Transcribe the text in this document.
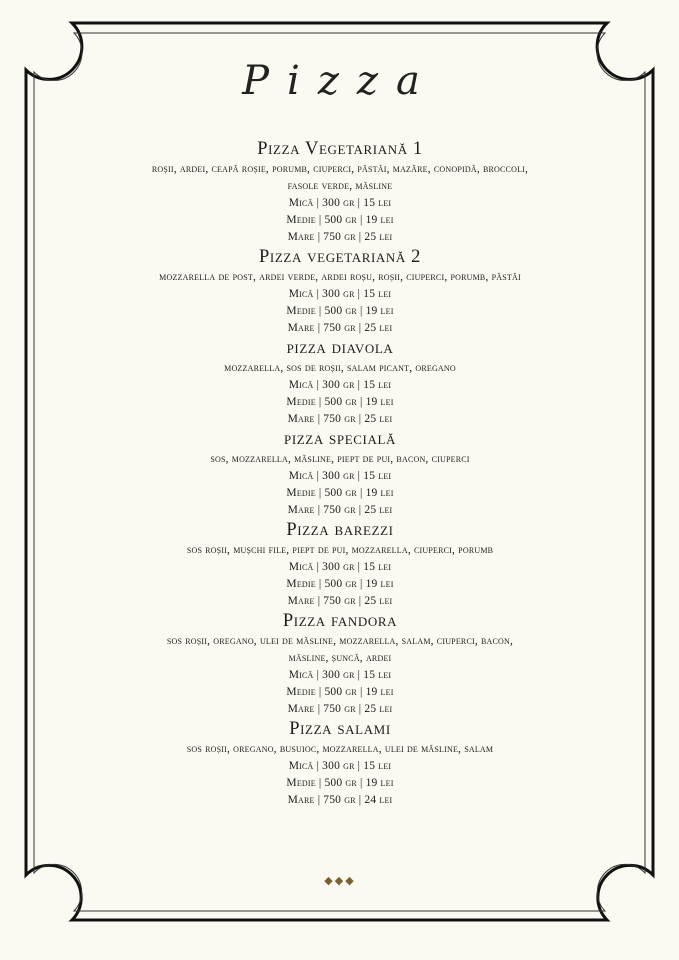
Pizza
Pizza Vegetariană 1
roșii, ardei, ceapă roșie, porumb, ciuperci, păstăi, mazăre, conopidă, broccoli,
fasole verde, măsline
Mică | 300 gr | 15 lei
Medie | 500 gr | 19 lei
Mare | 750 gr | 25 lei
Pizza vegetariană 2
mozzarella de post, ardei verde, ardei roșu, roșii, ciuperci, porumb, păstăi
Mică | 300 gr | 15 lei
Medie | 500 gr | 19 lei
Mare | 750 gr | 25 lei
pizza diavola
mozzarella, sos de roșii, salam picant, oregano
Mică | 300 gr | 15 lei
Medie | 500 gr | 19 lei
Mare | 750 gr | 25 lei
pizza specială
sos, mozzarella, măsline, piept de pui, bacon, ciuperci
Mică | 300 gr | 15 lei
Medie | 500 gr | 19 lei
Mare | 750 gr | 25 lei
Pizza barezzi
sos roșii, mușchi file, piept de pui, mozzarella, ciuperci, porumb
Mică | 300 gr | 15 lei
Medie | 500 gr | 19 lei
Mare | 750 gr | 25 lei
Pizza fandora
sos roșii, oregano, ulei de măsline, mozzarella, salam, ciuperci, bacon,
măsline, șuncă, ardei
Mică | 300 gr | 15 lei
Medie | 500 gr | 19 lei
Mare | 750 gr | 25 lei
Pizza salami
sos roșii, oregano, busuioc, mozzarella, ulei de măsline, salam
Mică | 300 gr | 15 lei
Medie | 500 gr | 19 lei
Mare | 750 gr | 24 lei
◆◆◆
